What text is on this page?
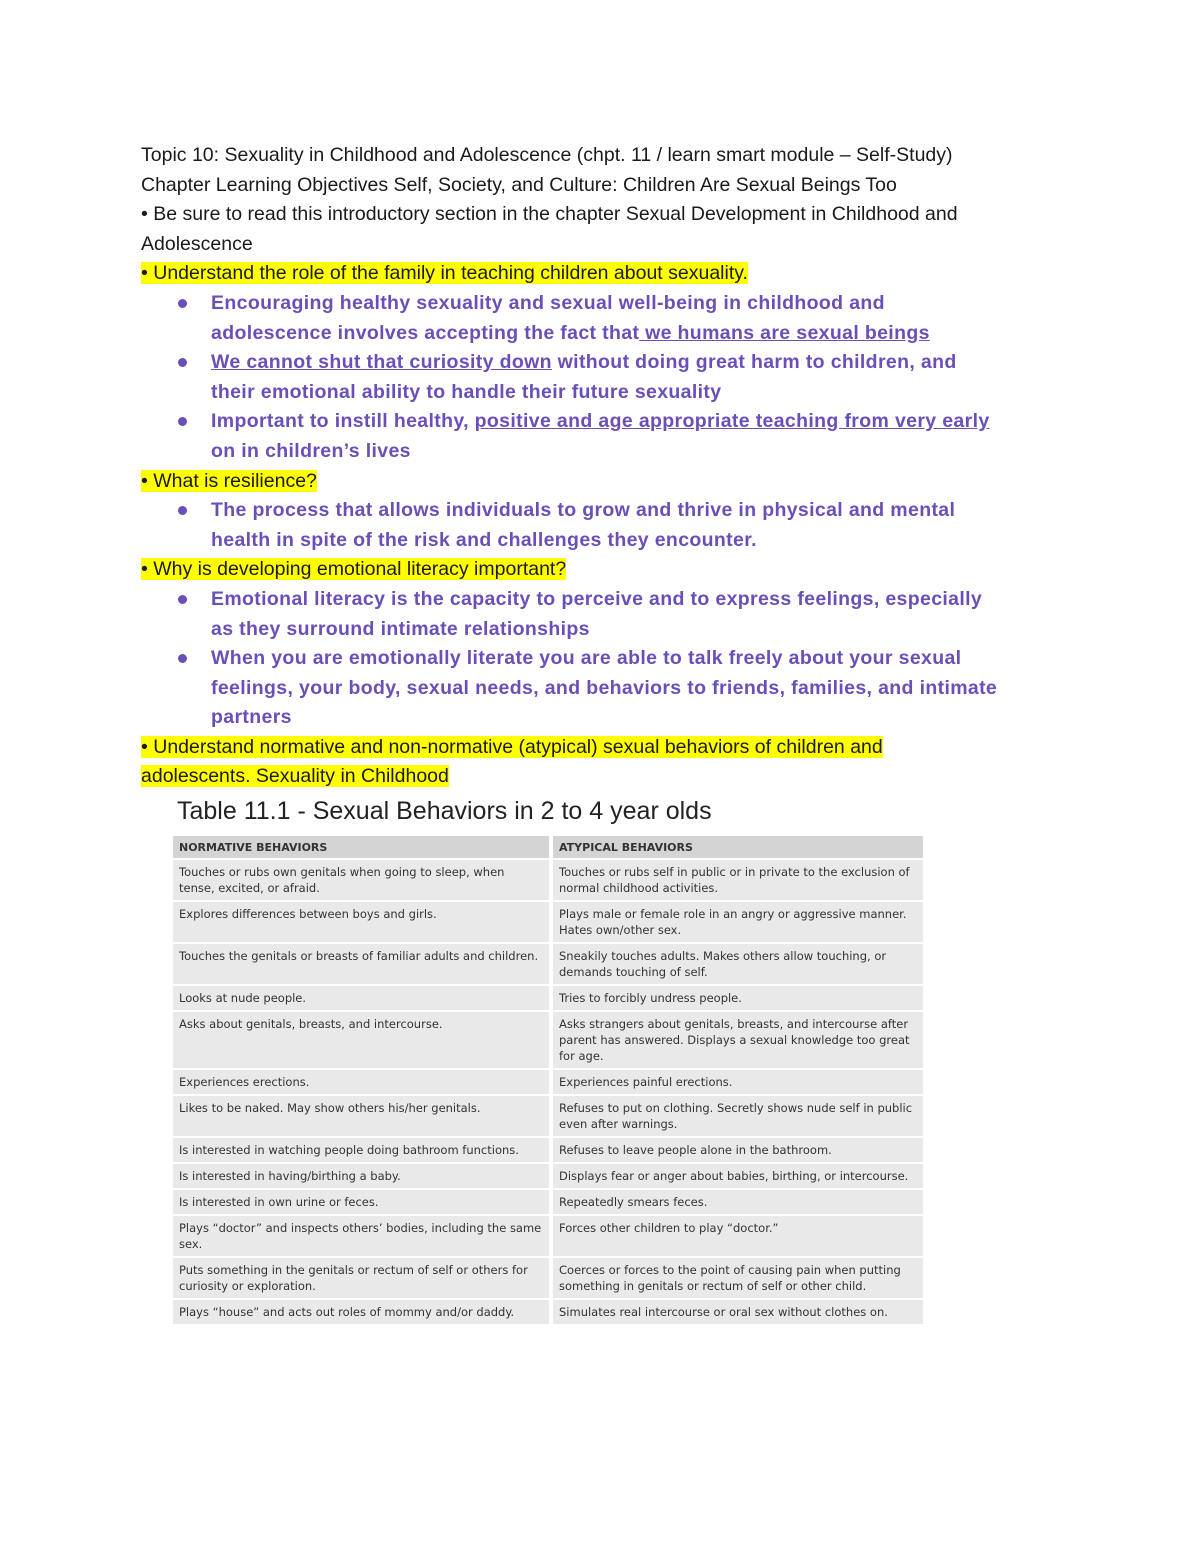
Topic 10: Sexuality in Childhood and Adolescence (chpt. 11 / learn smart module – Self-Study)
Chapter Learning Objectives Self, Society, and Culture: Children Are Sexual Beings Too
• Be sure to read this introductory section in the chapter Sexual Development in Childhood and
Adolescence
• Understand the role of the family in teaching children about sexuality.
Encouraging healthy sexuality and sexual well-being in childhood and
adolescence involves accepting the fact that we humans are sexual beings
We cannot shut that curiosity down without doing great harm to children, and
their emotional ability to handle their future sexuality
Important to instill healthy, positive and age appropriate teaching from very early
on in children’s lives
• What is resilience?
The process that allows individuals to grow and thrive in physical and mental
health in spite of the risk and challenges they encounter.
• Why is developing emotional literacy important?
Emotional literacy is the capacity to perceive and to express feelings, especially
as they surround intimate relationships
When you are emotionally literate you are able to talk freely about your sexual
feelings, your body, sexual needs, and behaviors to friends, families, and intimate
partners
• Understand normative and non-normative (atypical) sexual behaviors of children and
adolescents. Sexuality in Childhood
Table 11.1 - Sexual Behaviors in 2 to 4 year olds
NORMATIVE BEHAVIORS	ATYPICAL BEHAVIORS
Touches or rubs own genitals when going to sleep, when tense, excited, or afraid.	Touches or rubs self in public or in private to the exclusion of normal childhood activities.
Explores differences between boys and girls.	Plays male or female role in an angry or aggressive manner. Hates own/other sex.
Touches the genitals or breasts of familiar adults and children.	Sneakily touches adults. Makes others allow touching, or demands touching of self.
Looks at nude people.	Tries to forcibly undress people.
Asks about genitals, breasts, and intercourse.	Asks strangers about genitals, breasts, and intercourse after parent has answered. Displays a sexual knowledge too great for age.
Experiences erections.	Experiences painful erections.
Likes to be naked. May show others his/her genitals.	Refuses to put on clothing. Secretly shows nude self in public even after warnings.
Is interested in watching people doing bathroom functions.	Refuses to leave people alone in the bathroom.
Is interested in having/birthing a baby.	Displays fear or anger about babies, birthing, or intercourse.
Is interested in own urine or feces.	Repeatedly smears feces.
Plays “doctor” and inspects others’ bodies, including the same sex.	Forces other children to play “doctor.”
Puts something in the genitals or rectum of self or others for curiosity or exploration.	Coerces or forces to the point of causing pain when putting something in genitals or rectum of self or other child.
Plays “house” and acts out roles of mommy and/or daddy.	Simulates real intercourse or oral sex without clothes on.
